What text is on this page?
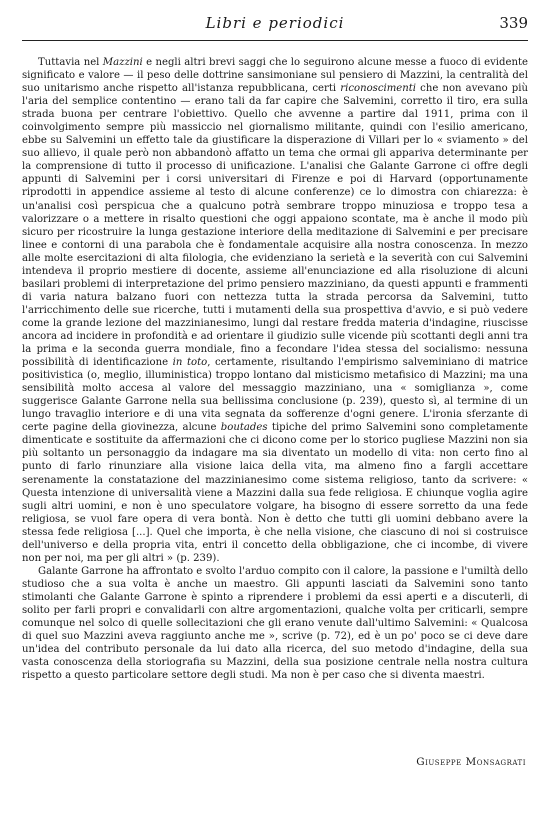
Libri e periodici	339

Tuttavia nel Mazzini e negli altri brevi saggi che lo seguirono alcune messe a fuoco di evidente significato e valore — il peso delle dottrine sansimoniane sul pensiero di Mazzini, la centralità del suo unitarismo anche rispetto all'istanza repubblicana, certi riconoscimenti che non avevano più l'aria del semplice contentino — erano tali da far capire che Salvemini, corretto il tiro, era sulla strada buona per centrare l'obiettivo. Quello che avvenne a partire dal 1911, prima con il coinvolgimento sempre più massiccio nel giornalismo militante, quindi con l'esilio americano, ebbe su Salvemini un effetto tale da giustificare la disperazione di Villari per lo « sviamento » del suo allievo, il quale però non abbandonò affatto un tema che ormai gli appariva determinante per la comprensione di tutto il processo di unificazione. L'analisi che Galante Garrone ci offre degli appunti di Salvemini per i corsi universitari di Firenze e poi di Harvard (opportunamente riprodotti in appendice assieme al testo di alcune conferenze) ce lo dimostra con chiarezza: è un'analisi così perspicua che a qualcuno potrà sembrare troppo minuziosa e troppo tesa a valorizzare o a mettere in risalto questioni che oggi appaiono scontate, ma è anche il modo più sicuro per ricostruire la lunga gestazione interiore della meditazione di Salvemini e per precisare linee e contorni di una parabola che è fondamentale acquisire alla nostra conoscenza. In mezzo alle molte esercitazioni di alta filologia, che evidenziano la serietà e la severità con cui Salvemini intendeva il proprio mestiere di docente, assieme all'enunciazione ed alla risoluzione di alcuni basilari problemi di interpretazione del primo pensiero mazziniano, da questi appunti e frammenti di varia natura balzano fuori con nettezza tutta la strada percorsa da Salvemini, tutto l'arricchimento delle sue ricerche, tutti i mutamenti della sua prospettiva d'avvio, e si può vedere come la grande lezione del mazzinianesimo, lungi dal restare fredda materia d'indagine, riuscisse ancora ad incidere in profondità e ad orientare il giudizio sulle vicende più scottanti degli anni tra la prima e la seconda guerra mondiale, fino a fecondare l'idea stessa del socialismo: nessuna possibilità di identificazione in toto, certamente, risultando l'empirismo salveminiano di matrice positivistica (o, meglio, illuministica) troppo lontano dal misticismo metafisico di Mazzini; ma una sensibilità molto accesa al valore del messaggio mazziniano, una « somiglianza », come suggerisce Galante Garrone nella sua bellissima conclusione (p. 239), questo sì, al termine di un lungo travaglio interiore e di una vita segnata da sofferenze d'ogni genere. L'ironia sferzante di certe pagine della giovinezza, alcune boutades tipiche del primo Salvemini sono completamente dimenticate e sostituite da affermazioni che ci dicono come per lo storico pugliese Mazzini non sia più soltanto un personaggio da indagare ma sia diventato un modello di vita: non certo fino al punto di farlo rinunziare alla visione laica della vita, ma almeno fino a fargli accettare serenamente la constatazione del mazzinianesimo come sistema religioso, tanto da scrivere: « Questa intenzione di universalità viene a Mazzini dalla sua fede religiosa. E chiunque voglia agire sugli altri uomini, e non è uno speculatore volgare, ha bisogno di essere sorretto da una fede religiosa, se vuol fare opera di vera bontà. Non è detto che tutti gli uomini debbano avere la stessa fede religiosa [...]. Quel che importa, è che nella visione, che ciascuno di noi si costruisce dell'universo e della propria vita, entri il concetto della obbligazione, che ci incombe, di vivere non per noi, ma per gli altri » (p. 239).

Galante Garrone ha affrontato e svolto l'arduo compito con il calore, la passione e l'umiltà dello studioso che a sua volta è anche un maestro. Gli appunti lasciati da Salvemini sono tanto stimolanti che Galante Garrone è spinto a riprendere i problemi da essi aperti e a discuterli, di solito per farli propri e convalidarli con altre argomentazioni, qualche volta per criticarli, sempre comunque nel solco di quelle sollecitazioni che gli erano venute dall'ultimo Salvemini: « Qualcosa di quel suo Mazzini aveva raggiunto anche me », scrive (p. 72), ed è un po' poco se ci deve dare un'idea del contributo personale da lui dato alla ricerca, del suo metodo d'indagine, della sua vasta conoscenza della storiografia su Mazzini, della sua posizione centrale nella nostra cultura rispetto a questo particolare settore degli studi. Ma non è per caso che si diventa maestri.

Giuseppe Monsagrati
